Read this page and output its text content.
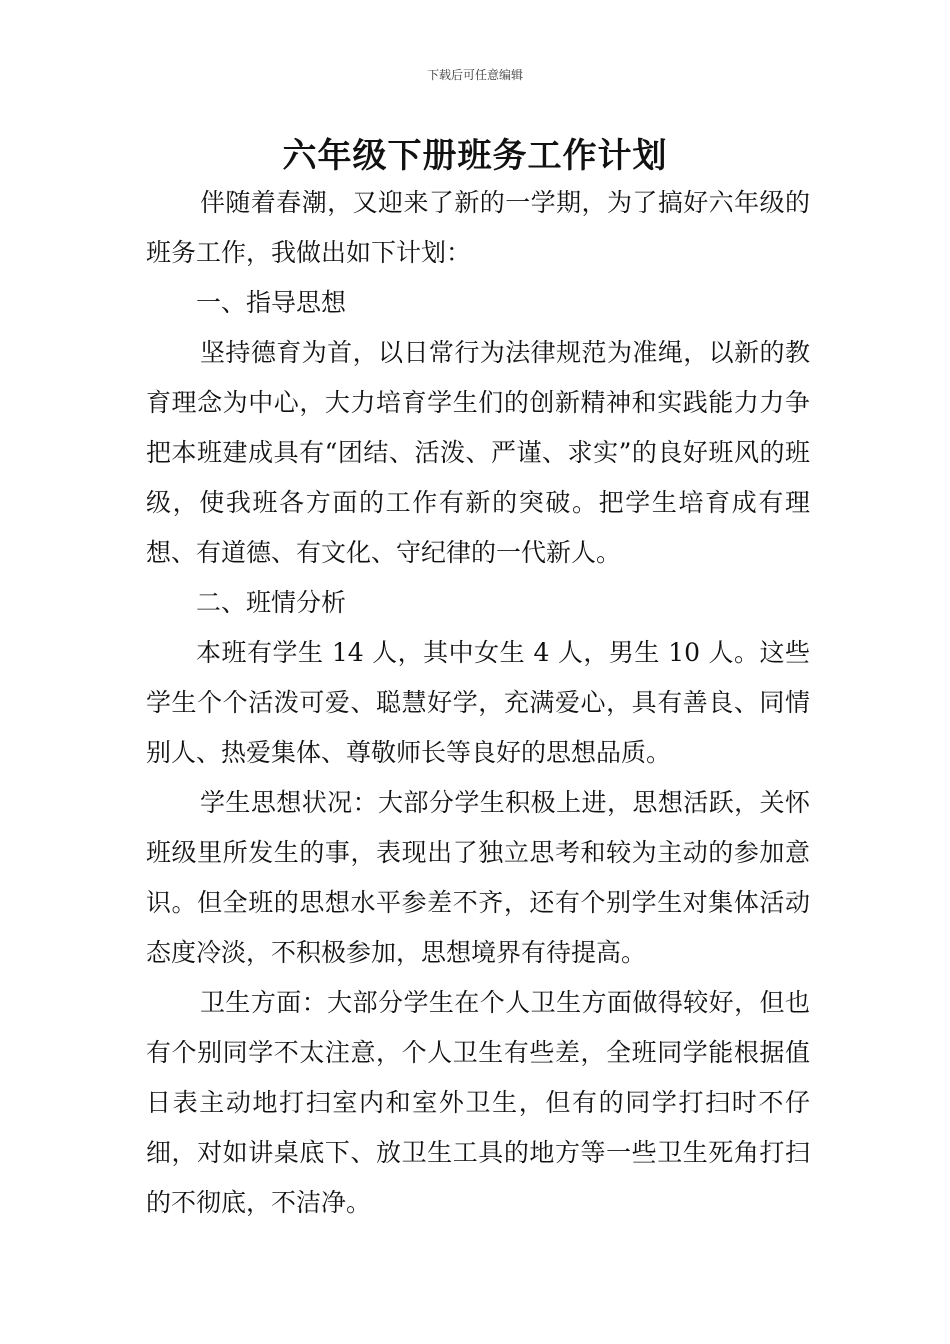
下载后可任意编辑
六年级下册班务工作计划

伴随着春潮，又迎来了新的一学期，为了搞好六年级的班务工作，我做出如下计划：

一、指导思想

坚持德育为首，以日常行为法律规范为准绳，以新的教育理念为中心，大力培育学生们的创新精神和实践能力力争把本班建成具有“团结、活泼、严谨、求实”的良好班风的班级，使我班各方面的工作有新的突破。把学生培育成有理想、有道德、有文化、守纪律的一代新人。

二、班情分析

本班有学生 14 人，其中女生 4 人，男生 10 人。这些学生个个活泼可爱、聪慧好学，充满爱心，具有善良、同情别人、热爱集体、尊敬师长等良好的思想品质。

学生思想状况：大部分学生积极上进，思想活跃，关怀班级里所发生的事，表现出了独立思考和较为主动的参加意识。但全班的思想水平参差不齐，还有个别学生对集体活动态度冷淡，不积极参加，思想境界有待提高。

卫生方面：大部分学生在个人卫生方面做得较好，但也有个别同学不太注意，个人卫生有些差，全班同学能根据值日表主动地打扫室内和室外卫生，但有的同学打扫时不仔细，对如讲桌底下、放卫生工具的地方等一些卫生死角打扫的不彻底，不洁净。
